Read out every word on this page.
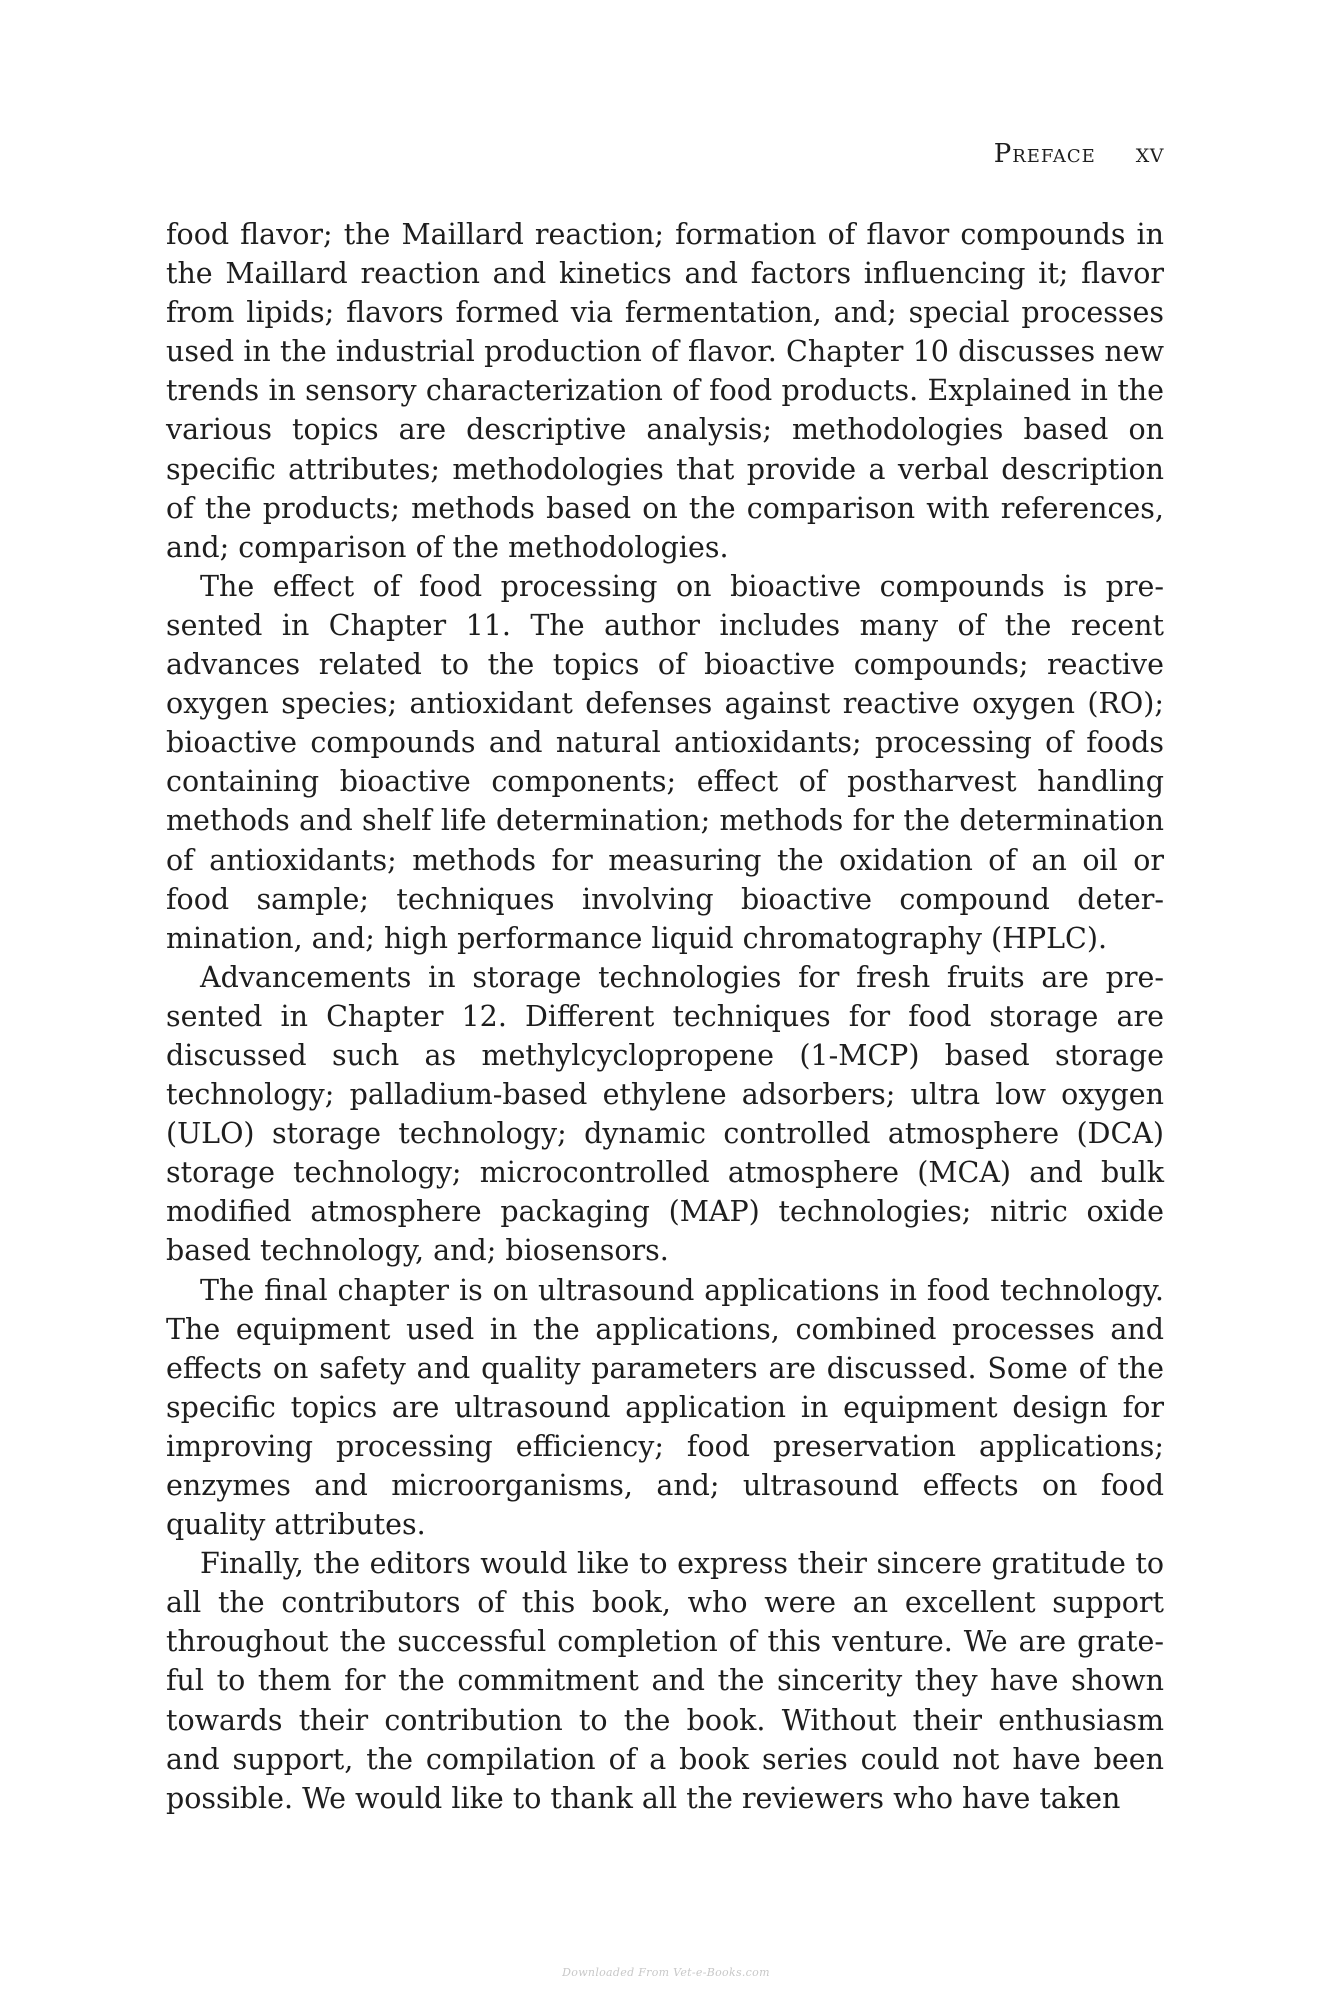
Preface xv

food flavor; the Maillard reaction; formation of flavor compounds in the Maillard reaction and kinetics and factors influencing it; flavor from lipids; flavors formed via fermentation, and; special processes used in the industrial production of flavor. Chapter 10 discusses new trends in sensory characterization of food products. Explained in the various topics are descriptive analysis; methodologies based on specific attributes; methodologies that provide a verbal description of the products; methods based on the comparison with references, and; comparison of the methodologies.

The effect of food processing on bioactive compounds is presented in Chapter 11. The author includes many of the recent advances related to the topics of bioactive compounds; reactive oxygen species; antioxidant defenses against reactive oxygen (RO); bioactive compounds and natural antioxidants; processing of foods containing bioactive components; effect of postharvest handling methods and shelf life determination; methods for the determination of antioxidants; methods for measuring the oxidation of an oil or food sample; techniques involving bioactive compound determination, and; high performance liquid chromatography (HPLC).

Advancements in storage technologies for fresh fruits are presented in Chapter 12. Different techniques for food storage are discussed such as methylcyclopropene (1-MCP) based storage technology; palladium-based ethylene adsorbers; ultra low oxygen (ULO) storage technology; dynamic controlled atmosphere (DCA) storage technology; microcontrolled atmosphere (MCA) and bulk modified atmosphere packaging (MAP) technologies; nitric oxide based technology, and; biosensors.

The final chapter is on ultrasound applications in food technology. The equipment used in the applications, combined processes and effects on safety and quality parameters are discussed. Some of the specific topics are ultrasound application in equipment design for improving processing efficiency; food preservation applications; enzymes and microorganisms, and; ultrasound effects on food quality attributes.

Finally, the editors would like to express their sincere gratitude to all the contributors of this book, who were an excellent support throughout the successful completion of this venture. We are grateful to them for the commitment and the sincerity they have shown towards their contribution to the book. Without their enthusiasm and support, the compilation of a book series could not have been possible. We would like to thank all the reviewers who have taken

Downloaded From Vet-e-Books.com
